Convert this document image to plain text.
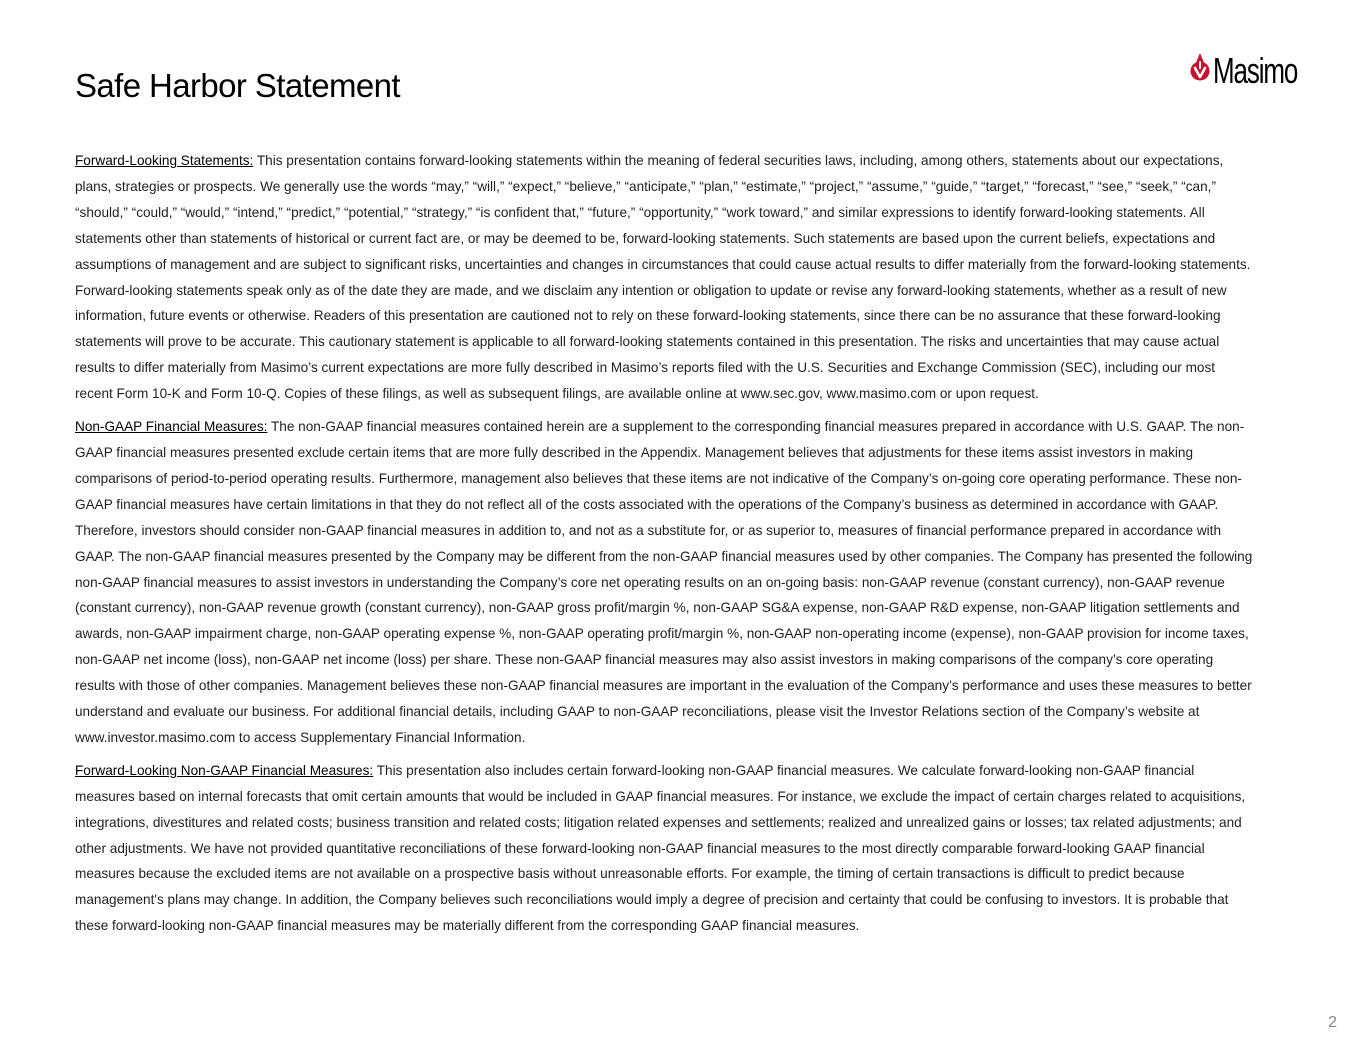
Safe Harbor Statement	Masimo

Forward-Looking Statements: This presentation contains forward-looking statements within the meaning of federal securities laws, including, among others, statements about our expectations, plans, strategies or prospects. We generally use the words “may,” “will,” “expect,” “believe,” “anticipate,” “plan,” “estimate,” “project,” “assume,” “guide,” “target,” “forecast,” “see,” “seek,” “can,” “should,” “could,” “would,” “intend,” “predict,” “potential,” “strategy,” “is confident that,” “future,” “opportunity,” “work toward,” and similar expressions to identify forward-looking statements. All statements other than statements of historical or current fact are, or may be deemed to be, forward-looking statements. Such statements are based upon the current beliefs, expectations and assumptions of management and are subject to significant risks, uncertainties and changes in circumstances that could cause actual results to differ materially from the forward-looking statements. Forward-looking statements speak only as of the date they are made, and we disclaim any intention or obligation to update or revise any forward-looking statements, whether as a result of new information, future events or otherwise. Readers of this presentation are cautioned not to rely on these forward-looking statements, since there can be no assurance that these forward-looking statements will prove to be accurate. This cautionary statement is applicable to all forward-looking statements contained in this presentation. The risks and uncertainties that may cause actual results to differ materially from Masimo’s current expectations are more fully described in Masimo’s reports filed with the U.S. Securities and Exchange Commission (SEC), including our most recent Form 10-K and Form 10-Q. Copies of these filings, as well as subsequent filings, are available online at www.sec.gov, www.masimo.com or upon request.

Non-GAAP Financial Measures: The non-GAAP financial measures contained herein are a supplement to the corresponding financial measures prepared in accordance with U.S. GAAP. The non-GAAP financial measures presented exclude certain items that are more fully described in the Appendix. Management believes that adjustments for these items assist investors in making comparisons of period-to-period operating results. Furthermore, management also believes that these items are not indicative of the Company’s on-going core operating performance. These non-GAAP financial measures have certain limitations in that they do not reflect all of the costs associated with the operations of the Company’s business as determined in accordance with GAAP. Therefore, investors should consider non-GAAP financial measures in addition to, and not as a substitute for, or as superior to, measures of financial performance prepared in accordance with GAAP. The non-GAAP financial measures presented by the Company may be different from the non-GAAP financial measures used by other companies. The Company has presented the following non-GAAP financial measures to assist investors in understanding the Company’s core net operating results on an on-going basis: non-GAAP revenue (constant currency), non-GAAP revenue (constant currency), non-GAAP revenue growth (constant currency), non-GAAP gross profit/margin %, non-GAAP SG&A expense, non-GAAP R&D expense, non-GAAP litigation settlements and awards, non-GAAP impairment charge, non-GAAP operating expense %, non-GAAP operating profit/margin %, non-GAAP non-operating income (expense), non-GAAP provision for income taxes, non-GAAP net income (loss), non-GAAP net income (loss) per share. These non-GAAP financial measures may also assist investors in making comparisons of the company’s core operating results with those of other companies. Management believes these non-GAAP financial measures are important in the evaluation of the Company’s performance and uses these measures to better understand and evaluate our business. For additional financial details, including GAAP to non-GAAP reconciliations, please visit the Investor Relations section of the Company’s website at www.investor.masimo.com to access Supplementary Financial Information.

Forward-Looking Non-GAAP Financial Measures: This presentation also includes certain forward-looking non-GAAP financial measures. We calculate forward-looking non-GAAP financial measures based on internal forecasts that omit certain amounts that would be included in GAAP financial measures. For instance, we exclude the impact of certain charges related to acquisitions, integrations, divestitures and related costs; business transition and related costs; litigation related expenses and settlements; realized and unrealized gains or losses; tax related adjustments; and other adjustments. We have not provided quantitative reconciliations of these forward-looking non-GAAP financial measures to the most directly comparable forward-looking GAAP financial measures because the excluded items are not available on a prospective basis without unreasonable efforts. For example, the timing of certain transactions is difficult to predict because management's plans may change. In addition, the Company believes such reconciliations would imply a degree of precision and certainty that could be confusing to investors. It is probable that these forward-looking non-GAAP financial measures may be materially different from the corresponding GAAP financial measures.

2
